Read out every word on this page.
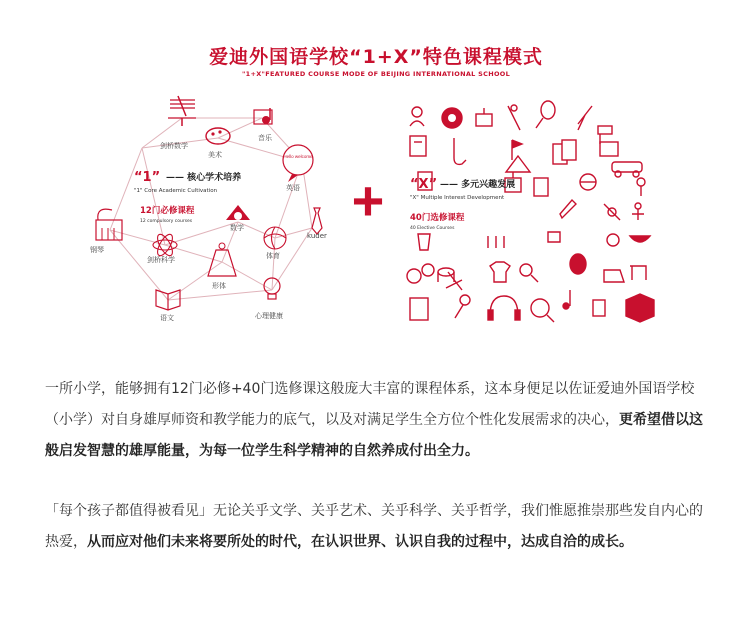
爱迪外国语学校“1+X”特色课程模式
"1+X"FEATURED COURSE MODE OF BEIJING INTERNATIONAL SCHOOL
Hello welcome
剑桥数学
美术
音乐
英语
kuder
数学
剑桥科学
钢琴
形体
体育
语文	心理健康
“1” —— 核心学术培养
"1" Core Academic Cultivation
12门必修课程
12 compulsory courses	+ “X” —— 多元兴趣发展
"X" Multiple Interest Development
40门选修课程
40 Elective Courses
一所小学，能够拥有12门必修+40门选修课这般庞大丰富的课程体系，这本身便足以佐证爱迪外国语学校（小学）对自身雄厚师资和教学能力的底气，以及对满足学生全方位个性化发展需求的决心，更希望借以这般启发智慧的雄厚能量，为每一位学生科学精神的自然养成付出全力。
「每个孩子都值得被看见」无论关乎文学、关乎艺术、关乎科学、关乎哲学，我们惟愿推崇那些发自内心的热爱，从而应对他们未来将要所处的时代，在认识世界、认识自我的过程中，达成自洽的成长。
